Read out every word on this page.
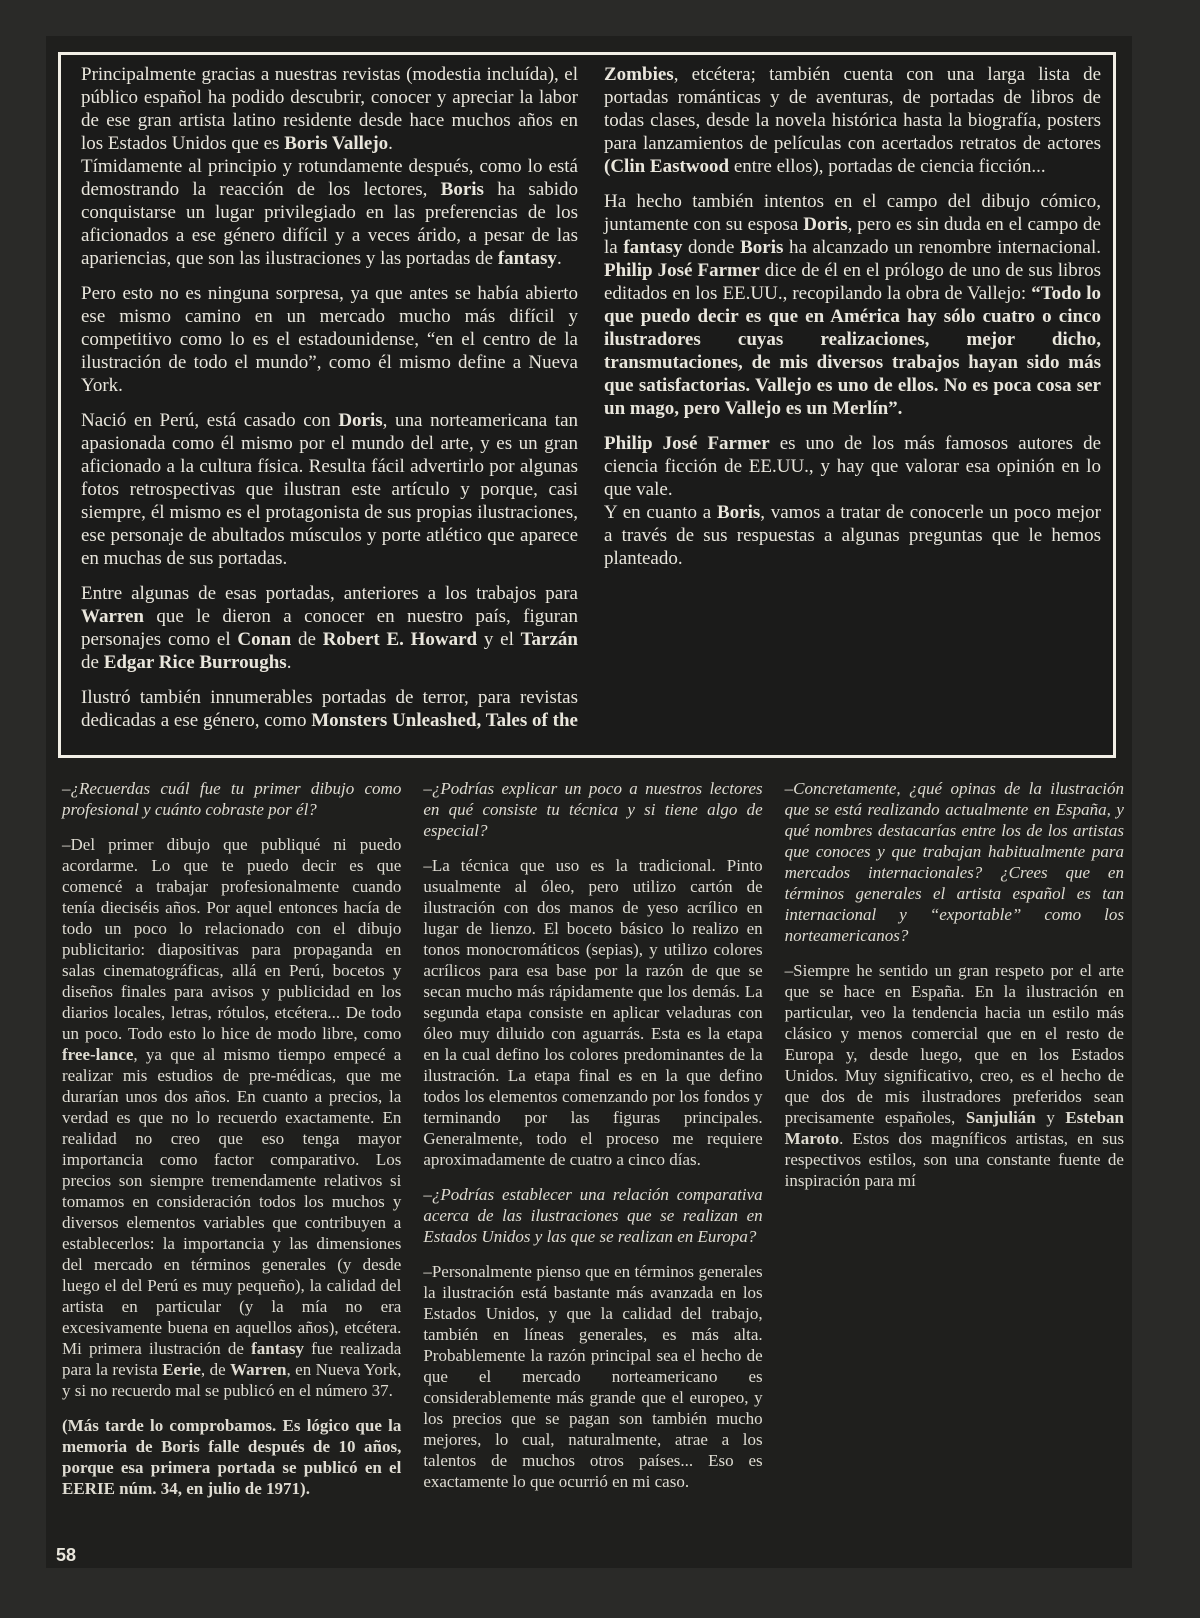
Principalmente gracias a nuestras revistas (modestia incluída), el público español ha podido descubrir, conocer y apreciar la labor de ese gran artista latino residente desde hace muchos años en los Estados Unidos que es Boris Vallejo.
Tímidamente al principio y rotundamente después, como lo está demostrando la reacción de los lectores, Boris ha sabido conquistarse un lugar privilegiado en las preferencias de los aficionados a ese género difícil y a veces árido, a pesar de las apariencias, que son las ilustraciones y las portadas de fantasy.

Pero esto no es ninguna sorpresa, ya que antes se había abierto ese mismo camino en un mercado mucho más difícil y competitivo como lo es el estadounidense, “en el centro de la ilustración de todo el mundo”, como él mismo define a Nueva York.

Nació en Perú, está casado con Doris, una norteamericana tan apasionada como él mismo por el mundo del arte, y es un gran aficionado a la cultura física. Resulta fácil advertirlo por algunas fotos retrospectivas que ilustran este artículo y porque, casi siempre, él mismo es el protagonista de sus propias ilustraciones, ese personaje de abultados músculos y porte atlético que aparece en muchas de sus portadas.

Entre algunas de esas portadas, anteriores a los trabajos para Warren que le dieron a conocer en nuestro país, figuran personajes como el Conan de Robert E. Howard y el Tarzán de Edgar Rice Burroughs.

Ilustró también innumerables portadas de terror, para revistas dedicadas a ese género, como Monsters Unleashed, Tales of the Zombies, etcétera; también cuenta con una larga lista de portadas románticas y de aventuras, de portadas de libros de todas clases, desde la novela histórica hasta la biografía, posters para lanzamientos de películas con acertados retratos de actores (Clin Eastwood entre ellos), portadas de ciencia ficción...

Ha hecho también intentos en el campo del dibujo cómico, juntamente con su esposa Doris, pero es sin duda en el campo de la fantasy donde Boris ha alcanzado un renombre internacional. Philip José Farmer dice de él en el prólogo de uno de sus libros editados en los EE.UU., recopilando la obra de Vallejo: “Todo lo que puedo decir es que en América hay sólo cuatro o cinco ilustradores cuyas realizaciones, mejor dicho, transmutaciones, de mis diversos trabajos hayan sido más que satisfactorias. Vallejo es uno de ellos. No es poca cosa ser un mago, pero Vallejo es un Merlín”.

Philip José Farmer es uno de los más famosos autores de ciencia ficción de EE.UU., y hay que valorar esa opinión en lo que vale.
Y en cuanto a Boris, vamos a tratar de conocerle un poco mejor a través de sus respuestas a algunas preguntas que le hemos planteado.

–¿Recuerdas cuál fue tu primer dibujo como profesional y cuánto cobraste por él?

–Del primer dibujo que publiqué ni puedo acordarme. Lo que te puedo decir es que comencé a trabajar profesionalmente cuando tenía dieciséis años. Por aquel entonces hacía de todo un poco lo relacionado con el dibujo publicitario: diapositivas para propaganda en salas cinematográficas, allá en Perú, bocetos y diseños finales para avisos y publicidad en los diarios locales, letras, rótulos, etcétera... De todo un poco. Todo esto lo hice de modo libre, como free-lance, ya que al mismo tiempo empecé a realizar mis estudios de pre-médicas, que me durarían unos dos años. En cuanto a precios, la verdad es que no lo recuerdo exactamente. En realidad no creo que eso tenga mayor importancia como factor comparativo. Los precios son siempre tremendamente relativos si tomamos en consideración todos los muchos y diversos elementos variables que contribuyen a establecerlos: la importancia y las dimensiones del mercado en términos generales (y desde luego el del Perú es muy pequeño), la calidad del artista en particular (y la mía no era excesivamente buena en aquellos años), etcétera. Mi primera ilustración de fantasy fue realizada para la revista Eerie, de Warren, en Nueva York, y si no recuerdo mal se publicó en el número 37.

(Más tarde lo comprobamos. Es lógico que la memoria de Boris falle después de 10 años, porque esa primera portada se publicó en el EERIE núm. 34, en julio de 1971).

–¿Podrías explicar un poco a nuestros lectores en qué consiste tu técnica y si tiene algo de especial?

–La técnica que uso es la tradicional. Pinto usualmente al óleo, pero utilizo cartón de ilustración con dos manos de yeso acrílico en lugar de lienzo. El boceto básico lo realizo en tonos monocromáticos (sepias), y utilizo colores acrílicos para esa base por la razón de que se secan mucho más rápidamente que los demás. La segunda etapa consiste en aplicar veladuras con óleo muy diluido con aguarrás. Esta es la etapa en la cual defino los colores predominantes de la ilustración. La etapa final es en la que defino todos los elementos comenzando por los fondos y terminando por las figuras principales. Generalmente, todo el proceso me requiere aproximadamente de cuatro a cinco días.

–¿Podrías establecer una relación comparativa acerca de las ilustraciones que se realizan en Estados Unidos y las que se realizan en Europa?

–Personalmente pienso que en términos generales la ilustración está bastante más avanzada en los Estados Unidos, y que la calidad del trabajo, también en líneas generales, es más alta. Probablemente la razón principal sea el hecho de que el mercado norteamericano es considerablemente más grande que el europeo, y los precios que se pagan son también mucho mejores, lo cual, naturalmente, atrae a los talentos de muchos otros países... Eso es exactamente lo que ocurrió en mi caso.

–Concretamente, ¿qué opinas de la ilustración que se está realizando actualmente en España, y qué nombres destacarías entre los de los artistas que conoces y que trabajan habitualmente para mercados internacionales? ¿Crees que en términos generales el artista español es tan internacional y “exportable” como los norteamericanos?

–Siempre he sentido un gran respeto por el arte que se hace en España. En la ilustración en particular, veo la tendencia hacia un estilo más clásico y menos comercial que en el resto de Europa y, desde luego, que en los Estados Unidos. Muy significativo, creo, es el hecho de que dos de mis ilustradores preferidos sean precisamente españoles, Sanjulián y Esteban Maroto. Estos dos magníficos artistas, en sus respectivos estilos, son una constante fuente de inspiración para mí

58
